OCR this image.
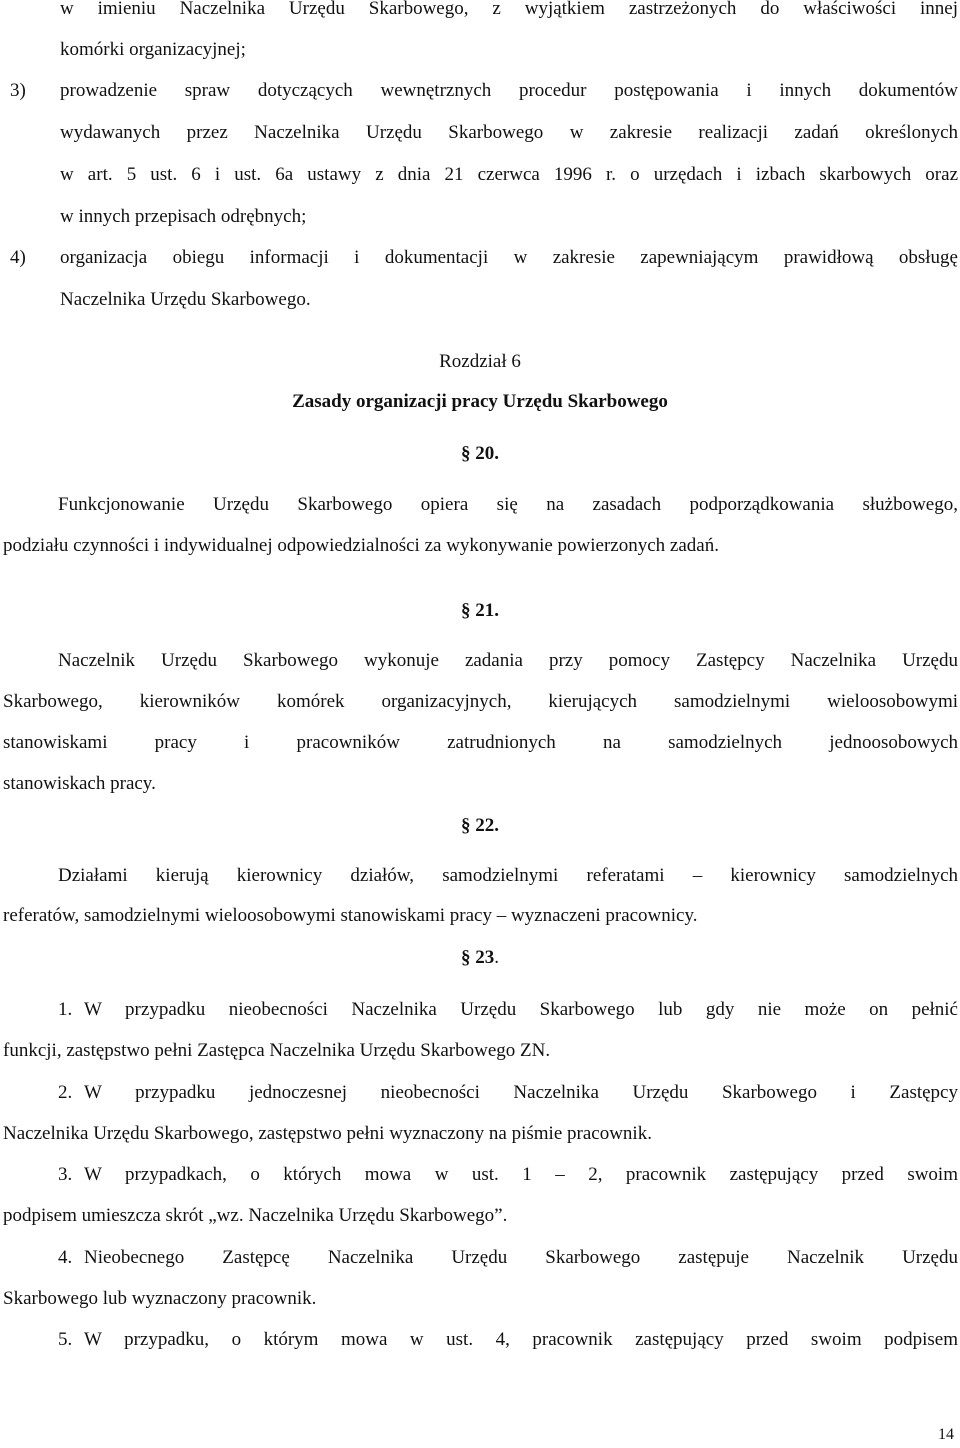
w imieniu Naczelnika Urzędu Skarbowego, z wyjątkiem zastrzeżonych do właściwości innej
komórki organizacyjnej;
3) prowadzenie spraw dotyczących wewnętrznych procedur postępowania i innych dokumentów
wydawanych przez Naczelnika Urzędu Skarbowego w zakresie realizacji zadań określonych
w art. 5 ust. 6 i ust. 6a ustawy z dnia 21 czerwca 1996 r. o urzędach i izbach skarbowych oraz
w innych przepisach odrębnych;
4) organizacja obiegu informacji i dokumentacji w zakresie zapewniającym prawidłową obsługę
Naczelnika Urzędu Skarbowego.
Rozdział 6
Zasady organizacji pracy Urzędu Skarbowego
§ 20.
Funkcjonowanie Urzędu Skarbowego opiera się na zasadach podporządkowania służbowego,
podziału czynności i indywidualnej odpowiedzialności za wykonywanie powierzonych zadań.
§ 21.
Naczelnik Urzędu Skarbowego wykonuje zadania przy pomocy Zastępcy Naczelnika Urzędu
Skarbowego, kierowników komórek organizacyjnych, kierujących samodzielnymi wieloosobowymi
stanowiskami pracy i pracowników zatrudnionych na samodzielnych jednoosobowych
stanowiskach pracy.
§ 22.
Działami kierują kierownicy działów, samodzielnymi referatami – kierownicy samodzielnych
referatów, samodzielnymi wieloosobowymi stanowiskami pracy – wyznaczeni pracownicy.
§ 23.
1. W przypadku nieobecności Naczelnika Urzędu Skarbowego lub gdy nie może on pełnić
funkcji, zastępstwo pełni Zastępca Naczelnika Urzędu Skarbowego ZN.
2. W przypadku jednoczesnej nieobecności Naczelnika Urzędu Skarbowego i Zastępcy
Naczelnika Urzędu Skarbowego, zastępstwo pełni wyznaczony na piśmie pracownik.
3. W przypadkach, o których mowa w ust. 1 – 2, pracownik zastępujący przed swoim
podpisem umieszcza skrót „wz. Naczelnika Urzędu Skarbowego”.
4. Nieobecnego Zastępcę Naczelnika Urzędu Skarbowego zastępuje Naczelnik Urzędu
Skarbowego lub wyznaczony pracownik.
5. W przypadku, o którym mowa w ust. 4, pracownik zastępujący przed swoim podpisem
14
